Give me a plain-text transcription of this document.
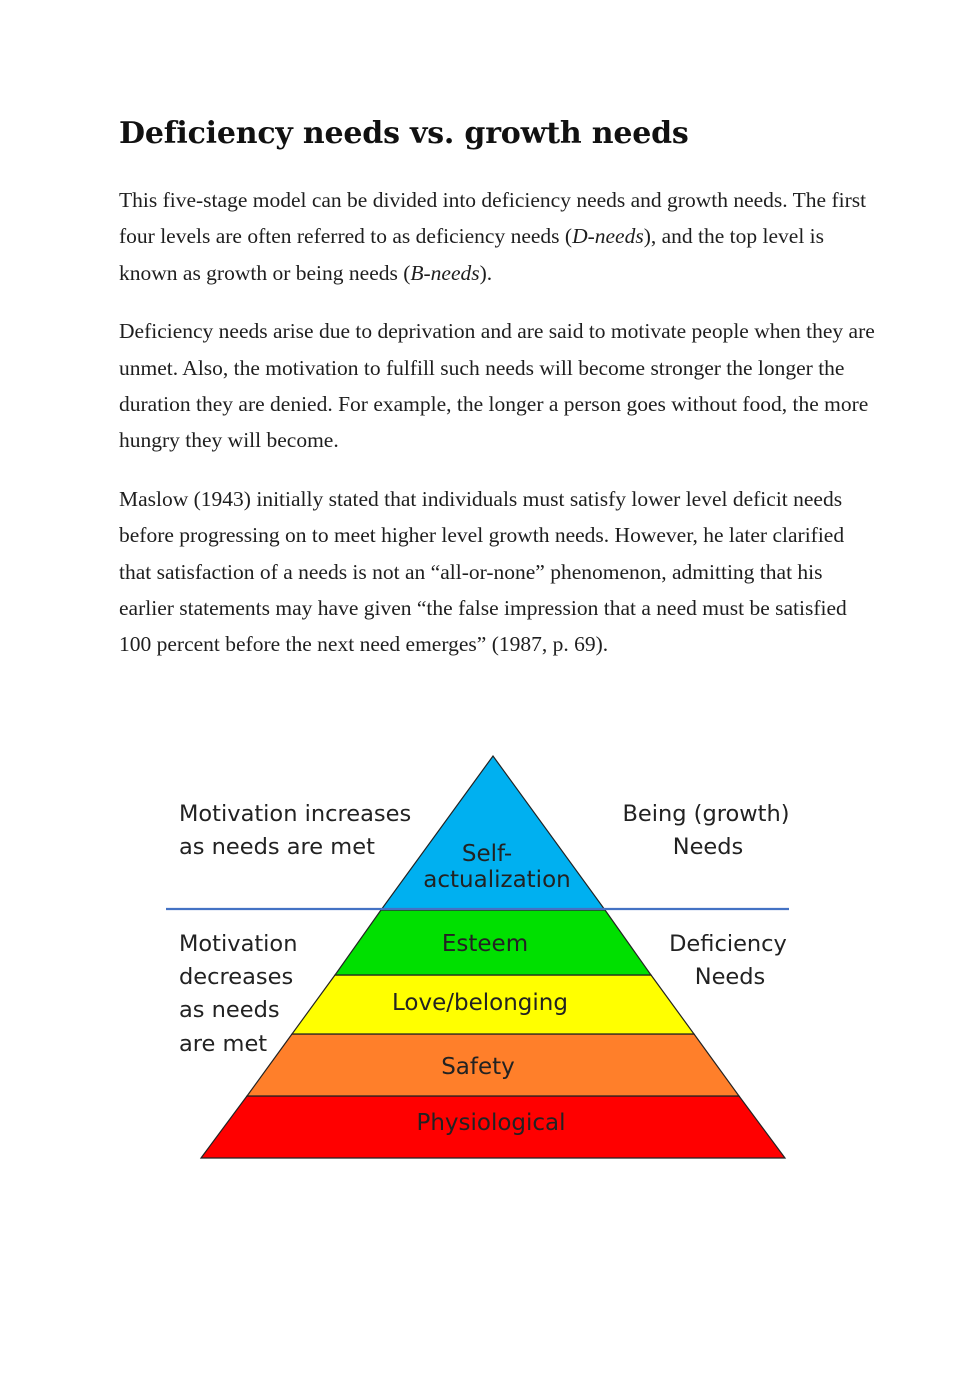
Deficiency needs vs. growth needs

This five-stage model can be divided into deficiency needs and growth needs. The first four levels are often referred to as deficiency needs (D-needs), and the top level is known as growth or being needs (B-needs).

Deficiency needs arise due to deprivation and are said to motivate people when they are unmet. Also, the motivation to fulfill such needs will become stronger the longer the duration they are denied. For example, the longer a person goes without food, the more hungry they will become.

Maslow (1943) initially stated that individuals must satisfy lower level deficit needs before progressing on to meet higher level growth needs. However, he later clarified that satisfaction of a needs is not an “all-or-none” phenomenon, admitting that his earlier statements may have given “the false impression that a need must be satisfied 100 percent before the next need emerges” (1987, p. 69).

Self-
actualization
Esteem
Love/belonging
Safety
Physiological
Motivation increases
as needs are met
Being (growth)
Needs
Motivation
decreases
as needs
are met
Deficiency
Needs
